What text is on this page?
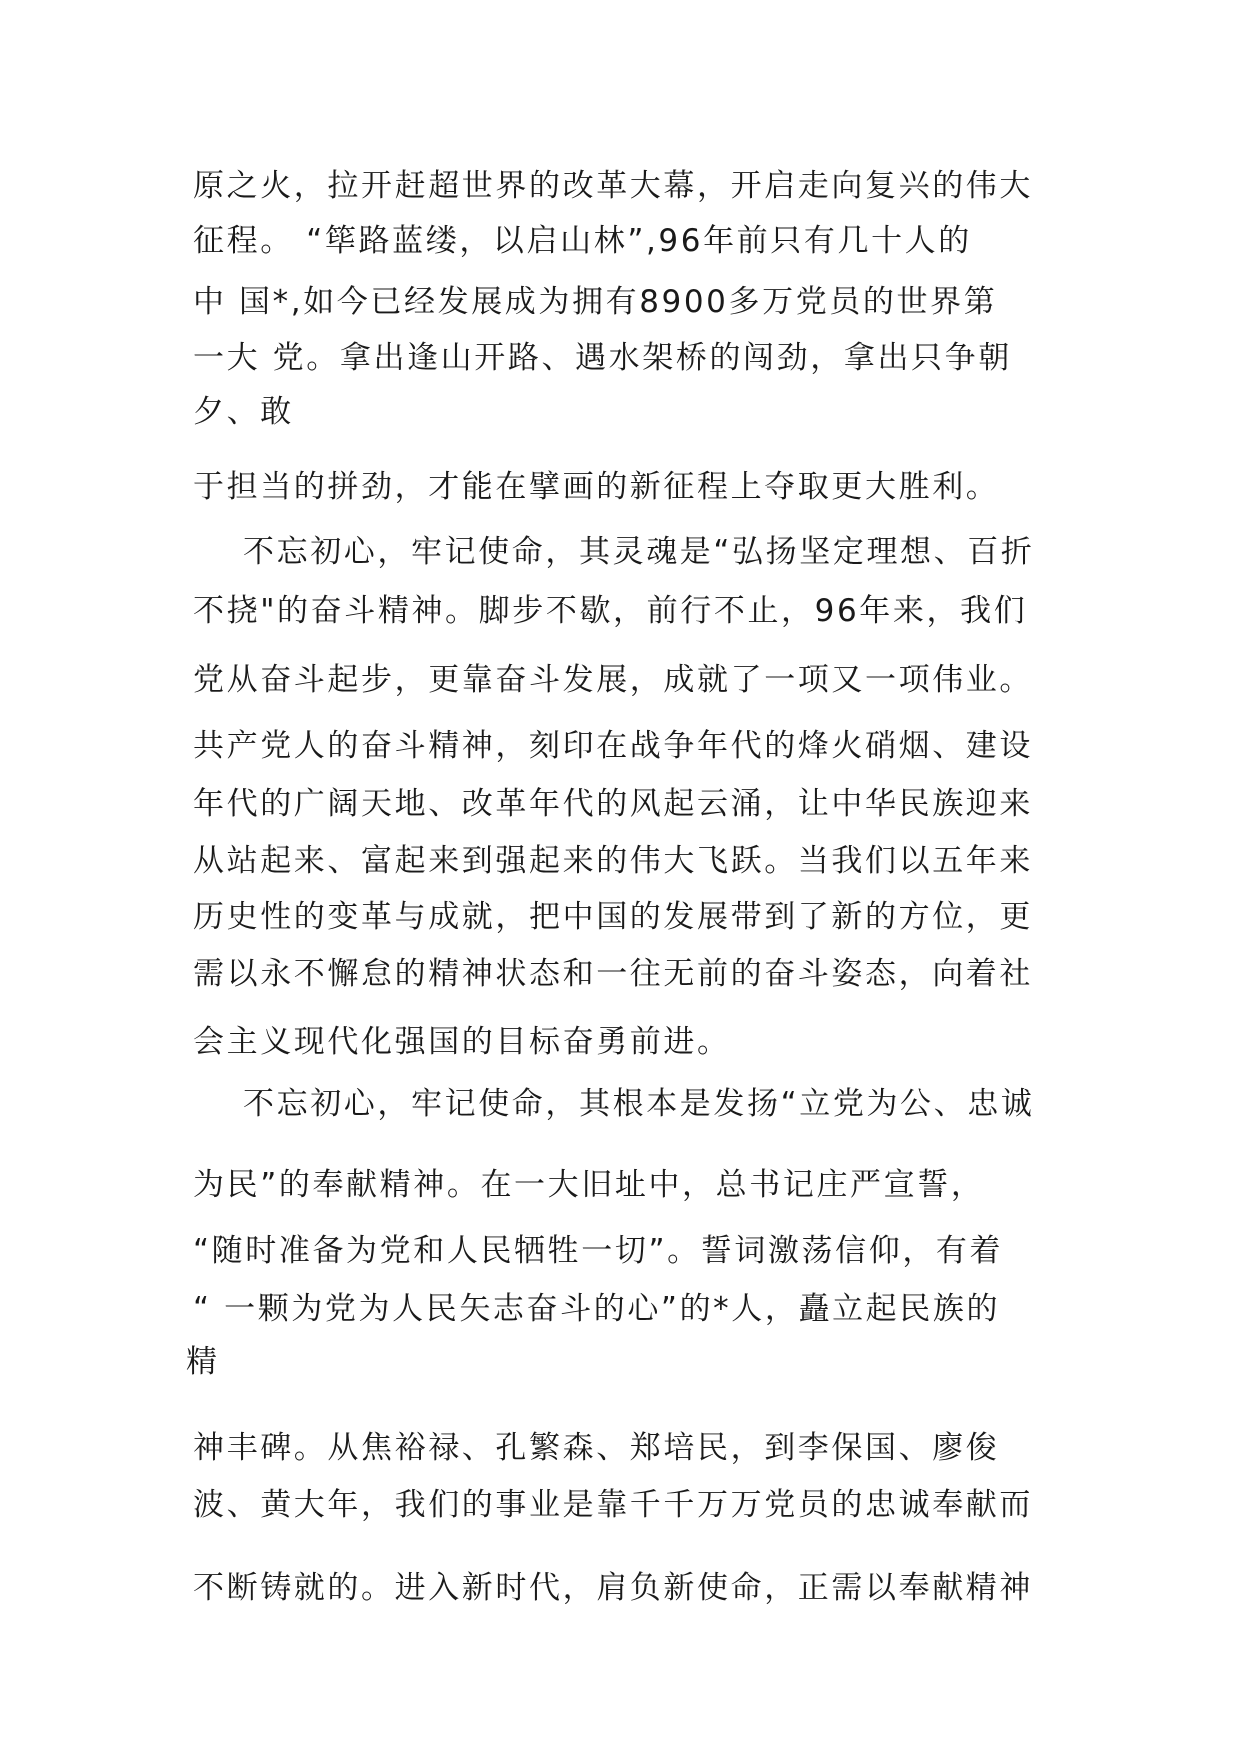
原之火，拉开赶超世界的改革大幕，开启走向复兴的伟大
征程。 “筚路蓝缕，以启山林”,96年前只有几十人的
中 国*,如今已经发展成为拥有8900多万党员的世界第
一大 党。拿出逢山开路、遇水架桥的闯劲，拿出只争朝
夕、敢
于担当的拼劲，才能在擘画的新征程上夺取更大胜利。
不忘初心，牢记使命，其灵魂是“弘扬坚定理想、百折
不挠"的奋斗精神。脚步不歇，前行不止，96年来，我们
党从奋斗起步，更靠奋斗发展，成就了一项又一项伟业。
共产党人的奋斗精神，刻印在战争年代的烽火硝烟、建设
年代的广阔天地、改革年代的风起云涌，让中华民族迎来
从站起来、富起来到强起来的伟大飞跃。当我们以五年来
历史性的变革与成就，把中国的发展带到了新的方位，更
需以永不懈怠的精神状态和一往无前的奋斗姿态，向着社
会主义现代化强国的目标奋勇前进。
不忘初心，牢记使命，其根本是发扬“立党为公、忠诚
为民”的奉献精神。在一大旧址中，总书记庄严宣誓，
“随时准备为党和人民牺牲一切”。誓词激荡信仰，有着
“ 一颗为党为人民矢志奋斗的心”的*人，矗立起民族的
精
神丰碑。从焦裕禄、孔繁森、郑培民，到李保国、廖俊
波、黄大年，我们的事业是靠千千万万党员的忠诚奉献而
不断铸就的。进入新时代，肩负新使命，正需以奉献精神
